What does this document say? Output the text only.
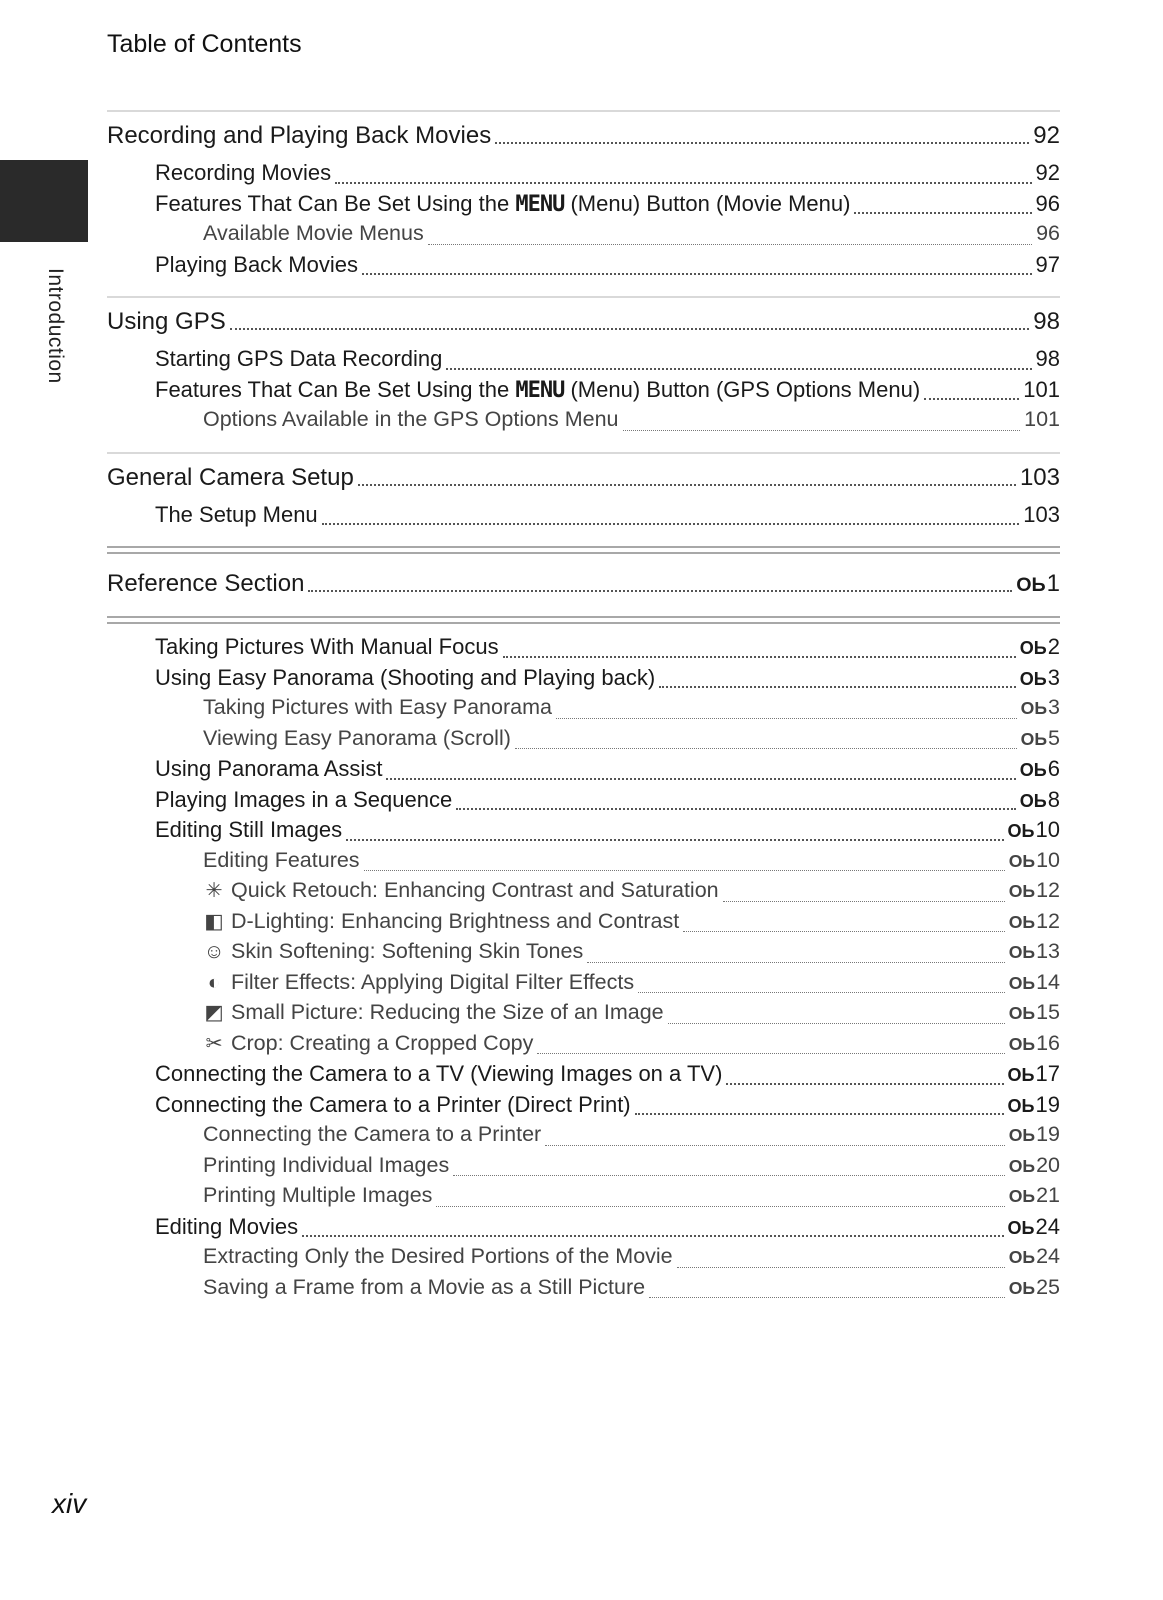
Table of Contents
Introduction
Recording and Playing Back Movies	92
Recording Movies	92
Features That Can Be Set Using the MENU (Menu) Button (Movie Menu)	96
Available Movie Menus	96
Playing Back Movies	97
Using GPS	98
Starting GPS Data Recording	98
Features That Can Be Set Using the MENU (Menu) Button (GPS Options Menu)	101
Options Available in the GPS Options Menu	101
General Camera Setup	103
The Setup Menu	103
Reference Section	ОЬ1
Taking Pictures With Manual Focus	ОЬ2
Using Easy Panorama (Shooting and Playing back)	ОЬ3
Taking Pictures with Easy Panorama	ОЬ3
Viewing Easy Panorama (Scroll)	ОЬ5
Using Panorama Assist	ОЬ6
Playing Images in a Sequence	ОЬ8
Editing Still Images	ОЬ10
Editing Features	ОЬ10
✳ Quick Retouch: Enhancing Contrast and Saturation	ОЬ12
◧ D-Lighting: Enhancing Brightness and Contrast	ОЬ12
☺ Skin Softening: Softening Skin Tones	ОЬ13
◐ Filter Effects: Applying Digital Filter Effects	ОЬ14
◩ Small Picture: Reducing the Size of an Image	ОЬ15
✂ Crop: Creating a Cropped Copy	ОЬ16
Connecting the Camera to a TV (Viewing Images on a TV)	ОЬ17
Connecting the Camera to a Printer (Direct Print)	ОЬ19
Connecting the Camera to a Printer	ОЬ19
Printing Individual Images	ОЬ20
Printing Multiple Images	ОЬ21
Editing Movies	ОЬ24
Extracting Only the Desired Portions of the Movie	ОЬ24
Saving a Frame from a Movie as a Still Picture	ОЬ25
xiv
